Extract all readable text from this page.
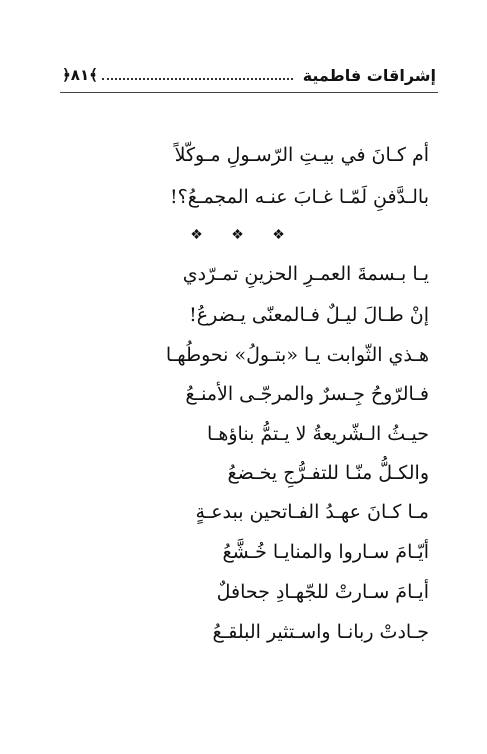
إشراقات فاطمية
﴾٨١﴿
أم كـانَ في بيـتِ الرّسـولِ مـوكّلاً
بالـدَّفنِ لَمّـا غـابَ عنـه المجمـعُ؟!
❖ ❖ ❖
يـا بـسمةَ العمـرِ الحزينِ تمـرّدي
إنْ طـالَ ليـلٌ فـالمعنّى يـضرعُ!
هـذي الثّوابت يـا «بتـولُ» نحوطُهـا
فـالرّوحُ جِـسرٌ والمرجّـى الأمنـعُ
حيـثُ الـشّريعةُ لا يـتمُّ بناؤهـا
والكـلُّ منّـا للتفـرُّجِ يخـضعُ
مـا كـانَ عهـدُ الفـاتحين ببدعـةٍ
أيّـامَ سـاروا والمنايـا خُـشَّعُ
أيـامَ سـارتْ للجّهـادِ جحافلٌ
جـادتْ ربانـا واسـتثير البلقـعُ
